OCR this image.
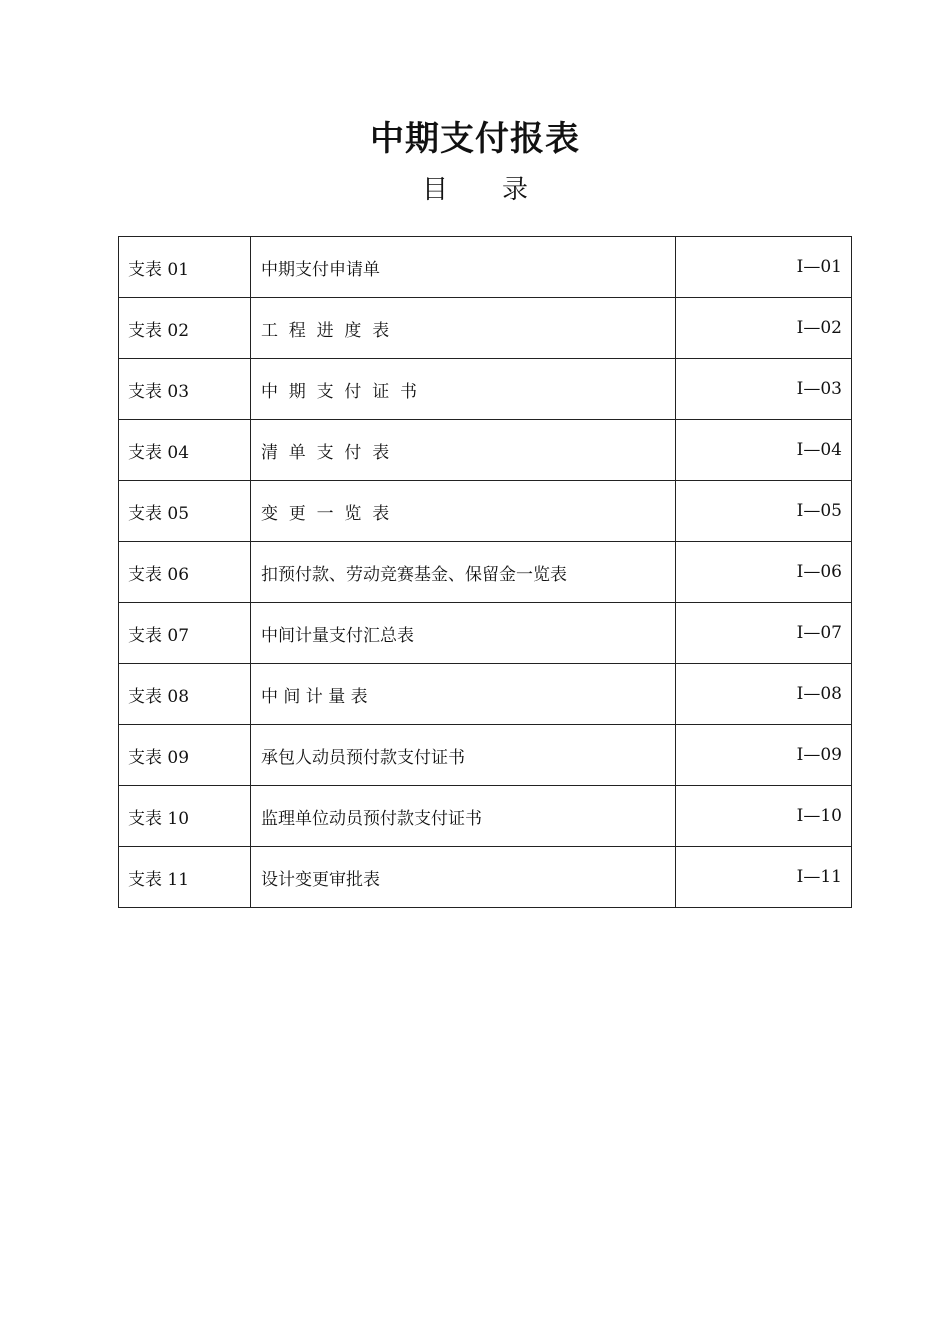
中期支付报表
目 录
支表 01	中期支付申请单	I—01
支表 02	工  程  进  度  表	I—02
支表 03	中  期  支  付  证  书	I—03
支表 04	清  单  支  付  表	I—04
支表 05	变  更  一  览  表	I—05
支表 06	扣预付款、劳动竞赛基金、保留金一览表	I—06
支表 07	中间计量支付汇总表	I—07
支表 08	中 间 计 量 表	I—08
支表 09	承包人动员预付款支付证书	I—09
支表 10	监理单位动员预付款支付证书	I—10
支表 11	设计变更审批表	I—11
